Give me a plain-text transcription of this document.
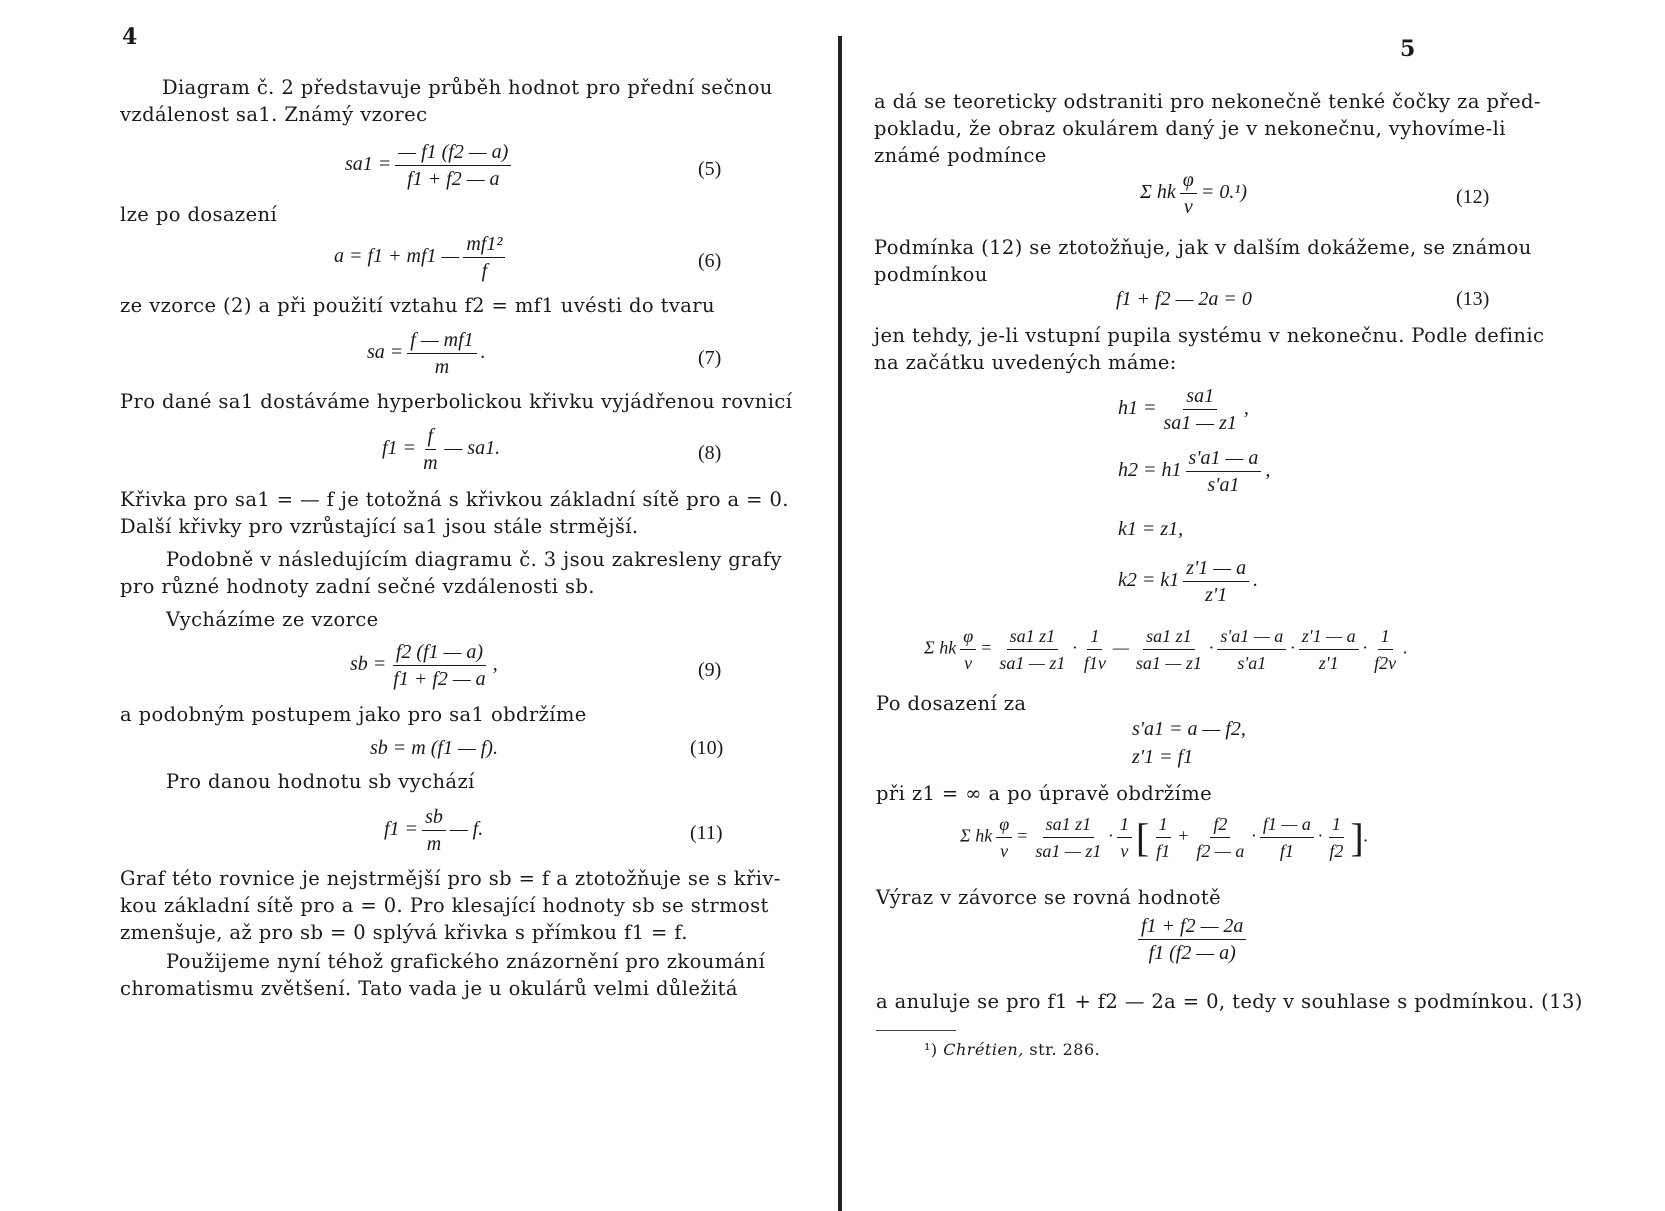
4
Diagram č. 2 představuje průběh hodnot pro přední sečnou
vzdálenost sa1. Známý vzorec
$sa1 = \frac{— f1 (f2 — a)}{f1 + f2 — a}$	(5)
lze po dosazení
a = f1 + mf1 — $\frac{\text{mf1²}}{f}$	(6)
ze vzorce (2) a při použití vztahu f2 = mf1 uvésti do tvaru
sa = $\frac{f — mf1}{m}$ .	(7)
Pro dané sa1 dostáváme hyperbolickou křivku vyjádřenou rovnicí
$f1 = \frac{f}{m}$ — sa1.	(8)
Křivka pro sa1 = — f je totožná s křivkou základní sítě pro a = 0.
Další křivky pro vzrůstající sa1 jsou stále strmější.
Podobně v následujícím diagramu č. 3 jsou zakresleny grafy
pro různé hodnoty zadní sečné vzdálenosti sb.
Vycházíme ze vzorce
sb = $\frac{f2 (f1 — a)}{f1 + f2 — a}$ ,	(9)
a podobným postupem jako pro sa1 obdržíme
sb = m (f1 — f).	(10)
Pro danou hodnotu sb vychází
$f1 = \frac{sb}{m}$ — f.	(11)
Graf této rovnice je nejstrmější pro sb = f a ztotožňuje se s křiv-
kou základní sítě pro a = 0. Pro klesající hodnoty sb se strmost
zmenšuje, až pro sb = 0 splývá křivka s přímkou f1 = f.
Použijeme nyní téhož grafického znázornění pro zkoumání
chromatismu zvětšení. Tato vada je u okulárů velmi důležitá
5
a dá se teoreticky odstraniti pro nekonečně tenké čočky za před-
pokladu, že obraz okulárem daný je v nekonečnu, vyhovíme-li
známé podmínce
Σ hk $\frac{\varphi}{v} = 0.^1$)	(12)
Podmínka (12) se ztotožňuje, jak v dalším dokážeme, se známou
podmínkou
f1 + f2 — 2a = 0	(13)
jen tehdy, je-li vstupní pupila systému v nekonečnu. Podle definic
na začátku uvedených máme:
$h1 = \frac{sa1}{sa1 — z1}$ ,
$h2 = h1 \frac{s'a1 — a}{s'a1}$ ,
k1 = z1,
$k2 = k1 \frac{z'1 — a}{z'1}$ .
Σ hk $\frac{\varphi}{v} = \frac{sa1 z1}{sa1 — z1} \cdot \frac{1}{f1v}$ — $\frac{sa1 z1}{sa1 — z1} \cdot \frac{s'a1 — a}{s'a1} \cdot \frac{z'1 — a}{z'1} \cdot \frac{1}{f2v}$ .
Po dosazení za
s'a1 = a — f2,
z'1 = f1
při z1 = ∞ a po úpravě obdržíme
Σ hk $\frac{\varphi}{v} = \frac{sa1 z1}{sa1 — z1} \cdot \frac{1}{v}$ [ $\frac{1}{f1} + \frac{f2}{f2 — a} \cdot \frac{f1 — a}{f1} \cdot \frac{1}{f2}$ ].
Výraz v závorce se rovná hodnotě
$\frac{f1 + f2 — 2a}{f1 (f2 — a)}$
a anuluje se pro f1 + f2 — 2a = 0, tedy v souhlase s podmínkou. (13)
¹) Chrétien, str. 286.
